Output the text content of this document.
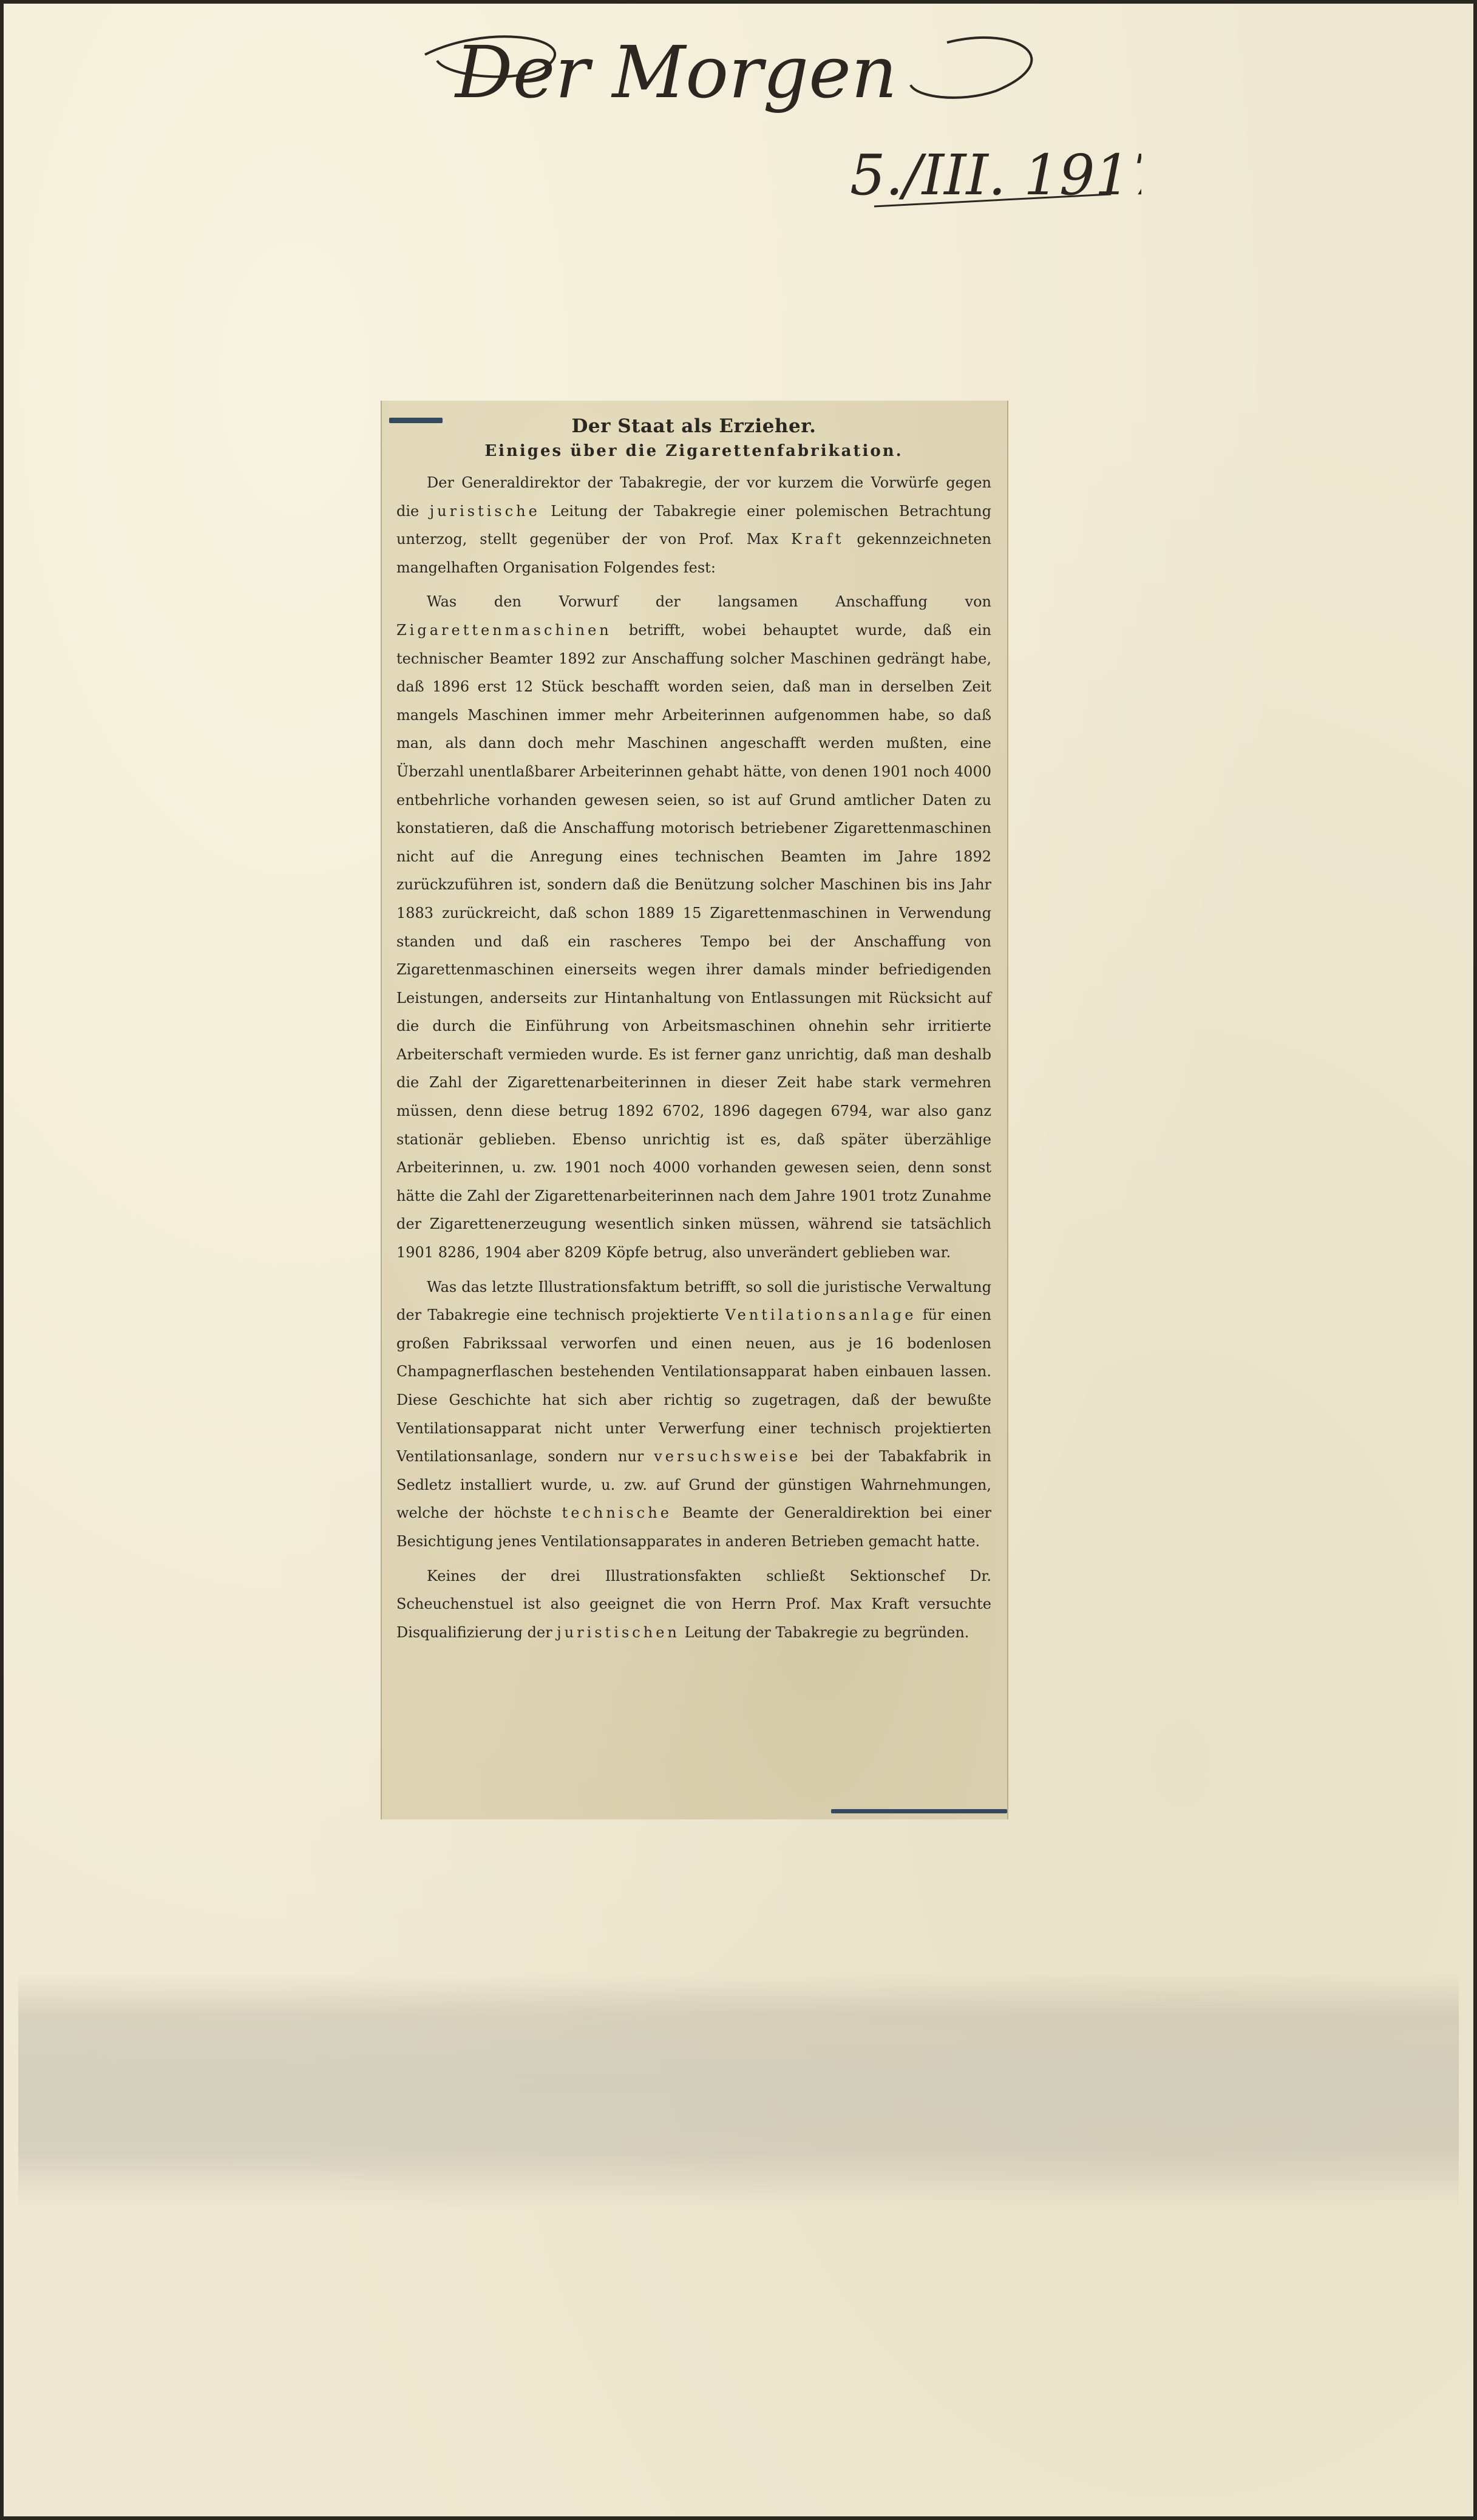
Der Morgen
5./III. 1917
Der Staat als Erzieher.
Einiges über die Zigarettenfabrikation.

Der Generaldirektor der Tabakregie, der vor kurzem die Vorwürfe gegen die juristische Leitung der Tabakregie einer polemischen Betrachtung unterzog, stellt gegenüber der von Prof. Max Kraft gekennzeichneten mangelhaften Organisation Folgendes fest:

Was den Vorwurf der langsamen Anschaffung von Zigarettenmaschinen betrifft, wobei behauptet wurde, daß ein technischer Beamter 1892 zur Anschaffung solcher Maschinen gedrängt habe, daß 1896 erst 12 Stück beschafft worden seien, daß man in derselben Zeit mangels Maschinen immer mehr Arbeiterinnen aufgenommen habe, so daß man, als dann doch mehr Maschinen angeschafft werden mußten, eine Überzahl unentlaßbarer Arbeiterinnen gehabt hätte, von denen 1901 noch 4000 entbehrliche vorhanden gewesen seien, so ist auf Grund amtlicher Daten zu konstatieren, daß die Anschaffung motorisch betriebener Zigarettenmaschinen nicht auf die Anregung eines technischen Beamten im Jahre 1892 zurückzuführen ist, sondern daß die Benützung solcher Maschinen bis ins Jahr 1883 zurückreicht, daß schon 1889 15 Zigarettenmaschinen in Verwendung standen und daß ein rascheres Tempo bei der Anschaffung von Zigarettenmaschinen einerseits wegen ihrer damals minder befriedigenden Leistungen, anderseits zur Hintanhaltung von Entlassungen mit Rücksicht auf die durch die Einführung von Arbeitsmaschinen ohnehin sehr irritierte Arbeiterschaft vermieden wurde. Es ist ferner ganz unrichtig, daß man deshalb die Zahl der Zigarettenarbeiterinnen in dieser Zeit habe stark vermehren müssen, denn diese betrug 1892 6702, 1896 dagegen 6794, war also ganz stationär geblieben. Ebenso unrichtig ist es, daß später überzählige Arbeiterinnen, u. zw. 1901 noch 4000 vorhanden gewesen seien, denn sonst hätte die Zahl der Zigarettenarbeiterinnen nach dem Jahre 1901 trotz Zunahme der Zigarettenerzeugung wesentlich sinken müssen, während sie tatsächlich 1901 8286, 1904 aber 8209 Köpfe betrug, also unverändert geblieben war.

Was das letzte Illustrationsfaktum betrifft, so soll die juristische Verwaltung der Tabakregie eine technisch projektierte Ventilationsanlage für einen großen Fabrikssaal verworfen und einen neuen, aus je 16 bodenlosen Champagnerflaschen bestehenden Ventilationsapparat haben einbauen lassen. Diese Geschichte hat sich aber richtig so zugetragen, daß der bewußte Ventilationsapparat nicht unter Verwerfung einer technisch projektierten Ventilationsanlage, sondern nur versuchsweise bei der Tabakfabrik in Sedletz installiert wurde, u. zw. auf Grund der günstigen Wahrnehmungen, welche der höchste technische Beamte der Generaldirektion bei einer Besichtigung jenes Ventilationsapparates in anderen Betrieben gemacht hatte.

Keines der drei Illustrationsfakten schließt Sektionschef Dr. Scheuchenstuel ist also geeignet die von Herrn Prof. Max Kraft versuchte Disqualifizierung der juristischen Leitung der Tabakregie zu begründen.
